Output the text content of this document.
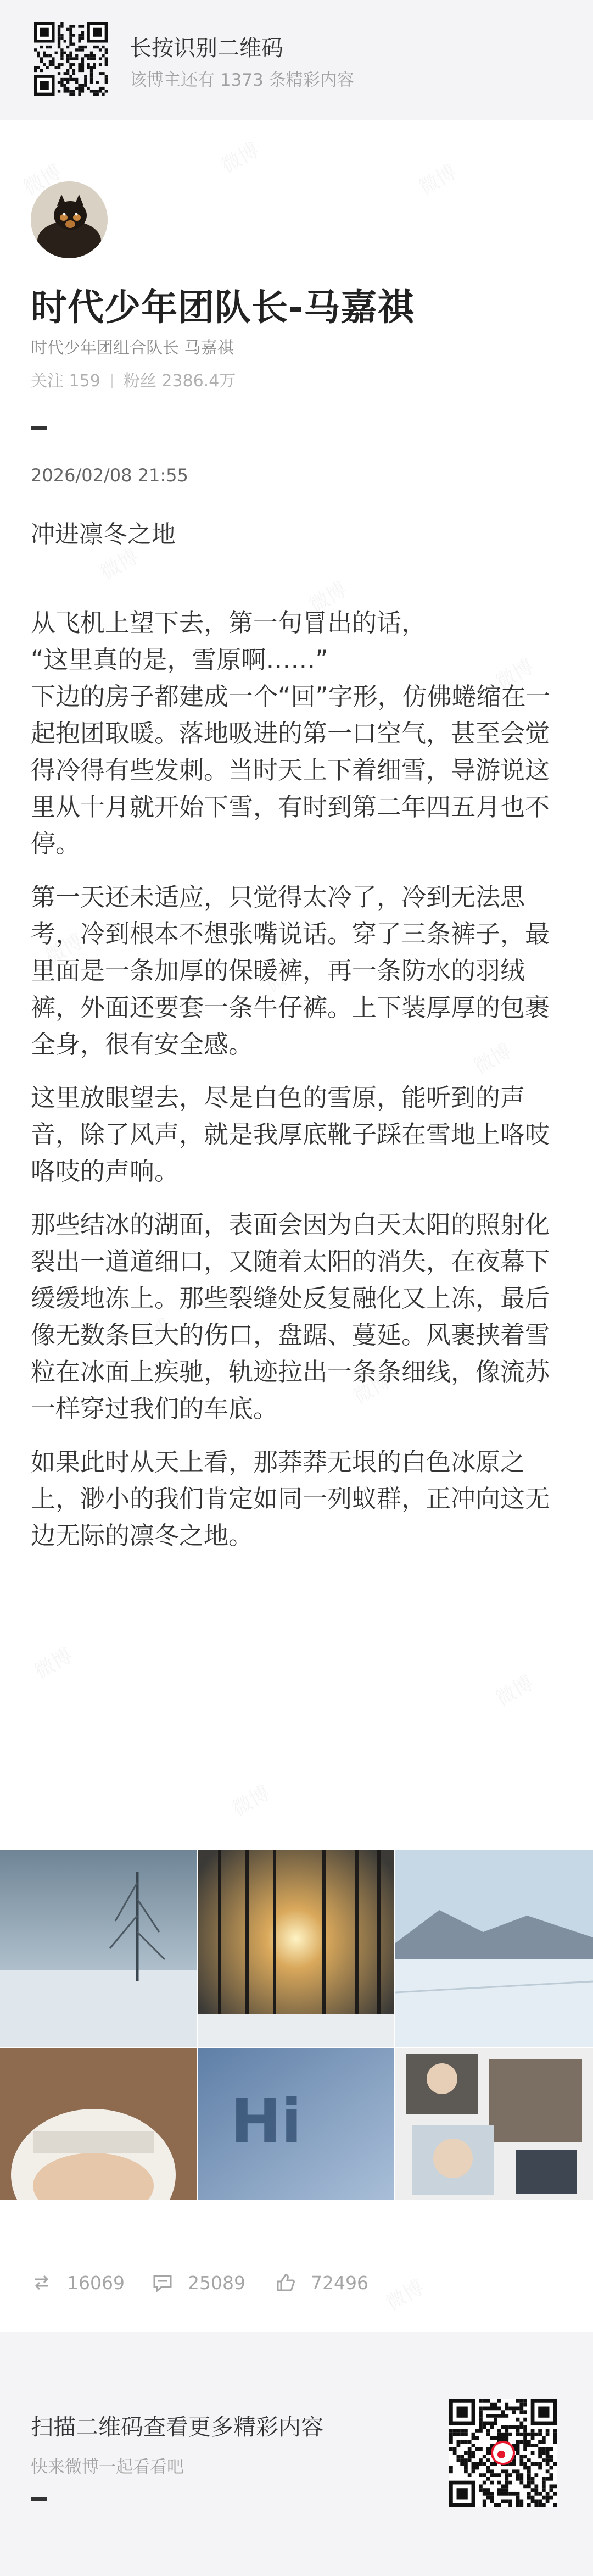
长按识别二维码
该博主还有 1373 条精彩内容
时代少年团队长-马嘉祺
时代少年团组合队长 马嘉祺
关注 159 粉丝 2386.4万
2026/02/08 21:55
冲进凛冬之地

从飞机上望下去，第一句冒出的话，
“这里真的是，雪原啊……”
下边的房子都建成一个“回”字形，仿佛蜷缩在一起抱团取暖。落地吸进的第一口空气，甚至会觉得冷得有些发刺。当时天上下着细雪，导游说这里从十月就开始下雪，有时到第二年四五月也不停。

第一天还未适应，只觉得太冷了，冷到无法思考，冷到根本不想张嘴说话。穿了三条裤子，最里面是一条加厚的保暖裤，再一条防水的羽绒裤，外面还要套一条牛仔裤。上下装厚厚的包裹全身，很有安全感。

这里放眼望去，尽是白色的雪原，能听到的声音，除了风声，就是我厚底靴子踩在雪地上咯吱咯吱的声响。

那些结冰的湖面，表面会因为白天太阳的照射化裂出一道道细口，又随着太阳的消失，在夜幕下缓缓地冻上。那些裂缝处反复融化又上冻，最后像无数条巨大的伤口，盘踞、蔓延。风裹挟着雪粒在冰面上疾驰，轨迹拉出一条条细线，像流苏一样穿过我们的车底。

如果此时从天上看，那莽莽无垠的白色冰原之上，渺小的我们肯定如同一列蚁群，正冲向这无边无际的凛冬之地。

Hi
16069	25089	72496
扫描二维码查看更多精彩内容
快来微博一起看看吧
